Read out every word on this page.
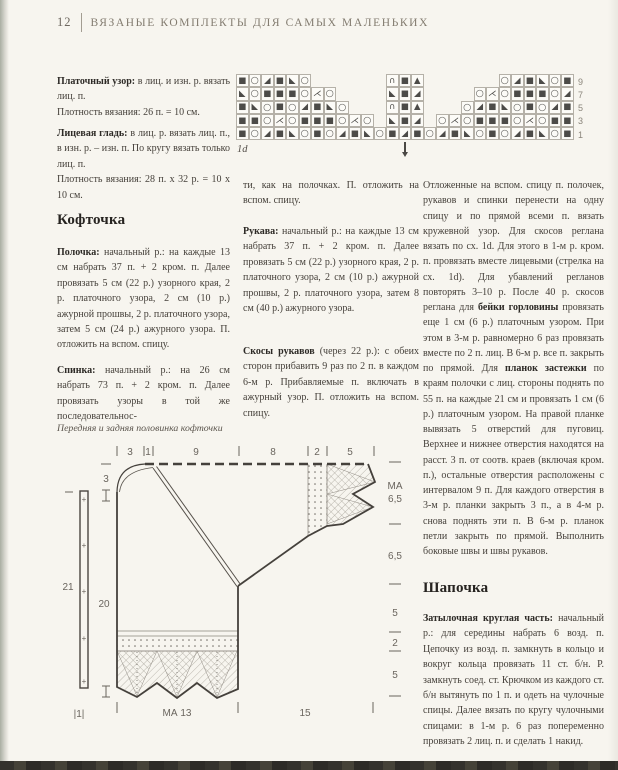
12 ВЯЗАНЫЕ КОМПЛЕКТЫ ДЛЯ САМЫХ МАЛЕНЬКИХ
■ ○ ◢ ■ ◣ ○	∩ ■ ▲	○ ◢ ■ ◣ ○ ■ 9
◣ ○ ■ ■ ■ ○ ⋌ ○	◣ ■ ◢	○ ⋌ ○ ■ ■ ■ ○ ◢ 7
■ ◣ ○ ■ ○ ◢ ■ ◣ ○	∩ ■ ▲	○ ◢ ■ ◣ ○ ■ ○ ◢ ■ 5
■ ■ ○ ⋌ ○ ■ ■ ■ ○ ⋌ ○	◣ ■ ◢	○ ⋌ ○ ■ ■ ■ ○ ⋌ ○ ■ ■ 3
■ ○ ◢ ■ ◣ ○ ■ ○ ◢ ■ ◣ ○ ■ ◢ ■ ○ ◢ ■ ◣ ○ ■ ○ ◢ ■ ◣ ○ ■ 1
1d

Платочный узор: в лиц. и изн. р. вязать лиц. п.
Плотность вязания: 26 п. = 10 см.

Лицевая гладь: в лиц. р. вязать лиц. п., в изн. р. – изн. п. По кругу вязать только лиц. п.
Плотность вязания: 28 п. х 32 р. = 10 х 10 см.

Кофточка

Полочка: начальный р.: на каждые 13 см набрать 37 п. + 2 кром. п. Далее провязать 5 см (22 р.) узорного края, 2 р. платочного узора, 2 см (10 р.) ажурной прошвы, 2 р. платочного узора, затем 5 см (24 р.) ажурного узора. П. отложить на вспом. спицу.

Спинка: начальный р.: на 26 см набрать 73 п. + 2 кром. п. Далее провязать узоры в той же последовательнос-

Передняя и задняя половинка кофточки

ти, как на полочках. П. отложить на вспом. спицу.

Рукава: начальный р.: на каждые 13 см набрать 37 п. + 2 кром. п. Далее провязать 5 см (22 р.) узорного края, 2 р. платочного узора, 2 см (10 р.) ажурной прошвы, 2 р. платочного узора, затем 8 см (40 р.) ажурного узора.

Скосы рукавов (через 22 р.): с обеих сторон прибавить 9 раз по 2 п. в каждом 6-м р. Прибавляемые п. включать в ажурный узор. П. отложить на вспом. спицу.

Отложенные на вспом. спицу п. полочек, рукавов и спинки перенести на одну спицу и по прямой всеми п. вязать кружевной узор. Для скосов реглана вязать по сх. 1d. Для этого в 1-м р. кром. п. провязать вместе лицевыми (стрелка на сх. 1d). Для убавлений регланов повторять 3–10 р. После 40 р. скосов реглана для бейки горловины провязать еще 1 см (6 р.) платочным узором. При этом в 3-м р. равномерно 6 раз провязать вместе по 2 п. лиц. В 6-м р. все п. закрыть по прямой. Для планок застежки по краям полочки с лиц. стороны поднять по 55 п. на каждые 21 см и провязать 1 см (6 р.) платочным узором. На правой планке вывязать 5 отверстий для пуговиц. Верхнее и нижнее отверстия находятся на расст. 3 п. от соотв. краев (включая кром. п.), остальные отверстия расположены с интервалом 9 п. Для каждого отверстия в 3-м р. планки закрыть 3 п., а в 4-м р. снова поднять эти п. В 6-м р. планок петли закрыть по прямой. Выполнить боковые швы и швы рукавов.

Шапочка

Затылочная круглая часть: начальный р.: для середины набрать 6 возд. п. Цепочку из возд. п. замкнуть в кольцо и вокруг кольца провязать 11 ст. б/н. Р. замкнуть соед. ст. Крючком из каждого ст. б/н вытянуть по 1 п. и одеть на чулочные спицы. Далее вязать по кругу чулочными спицами: в 1-м р. 6 раз попеременно провязать 2 лиц. п. и сделать 1 накид.

3 1	9	8	2	5
+
+
+
+
+
21
|1|
3
20
МА
6,5
6,5
5
2
5
МА 13	15
